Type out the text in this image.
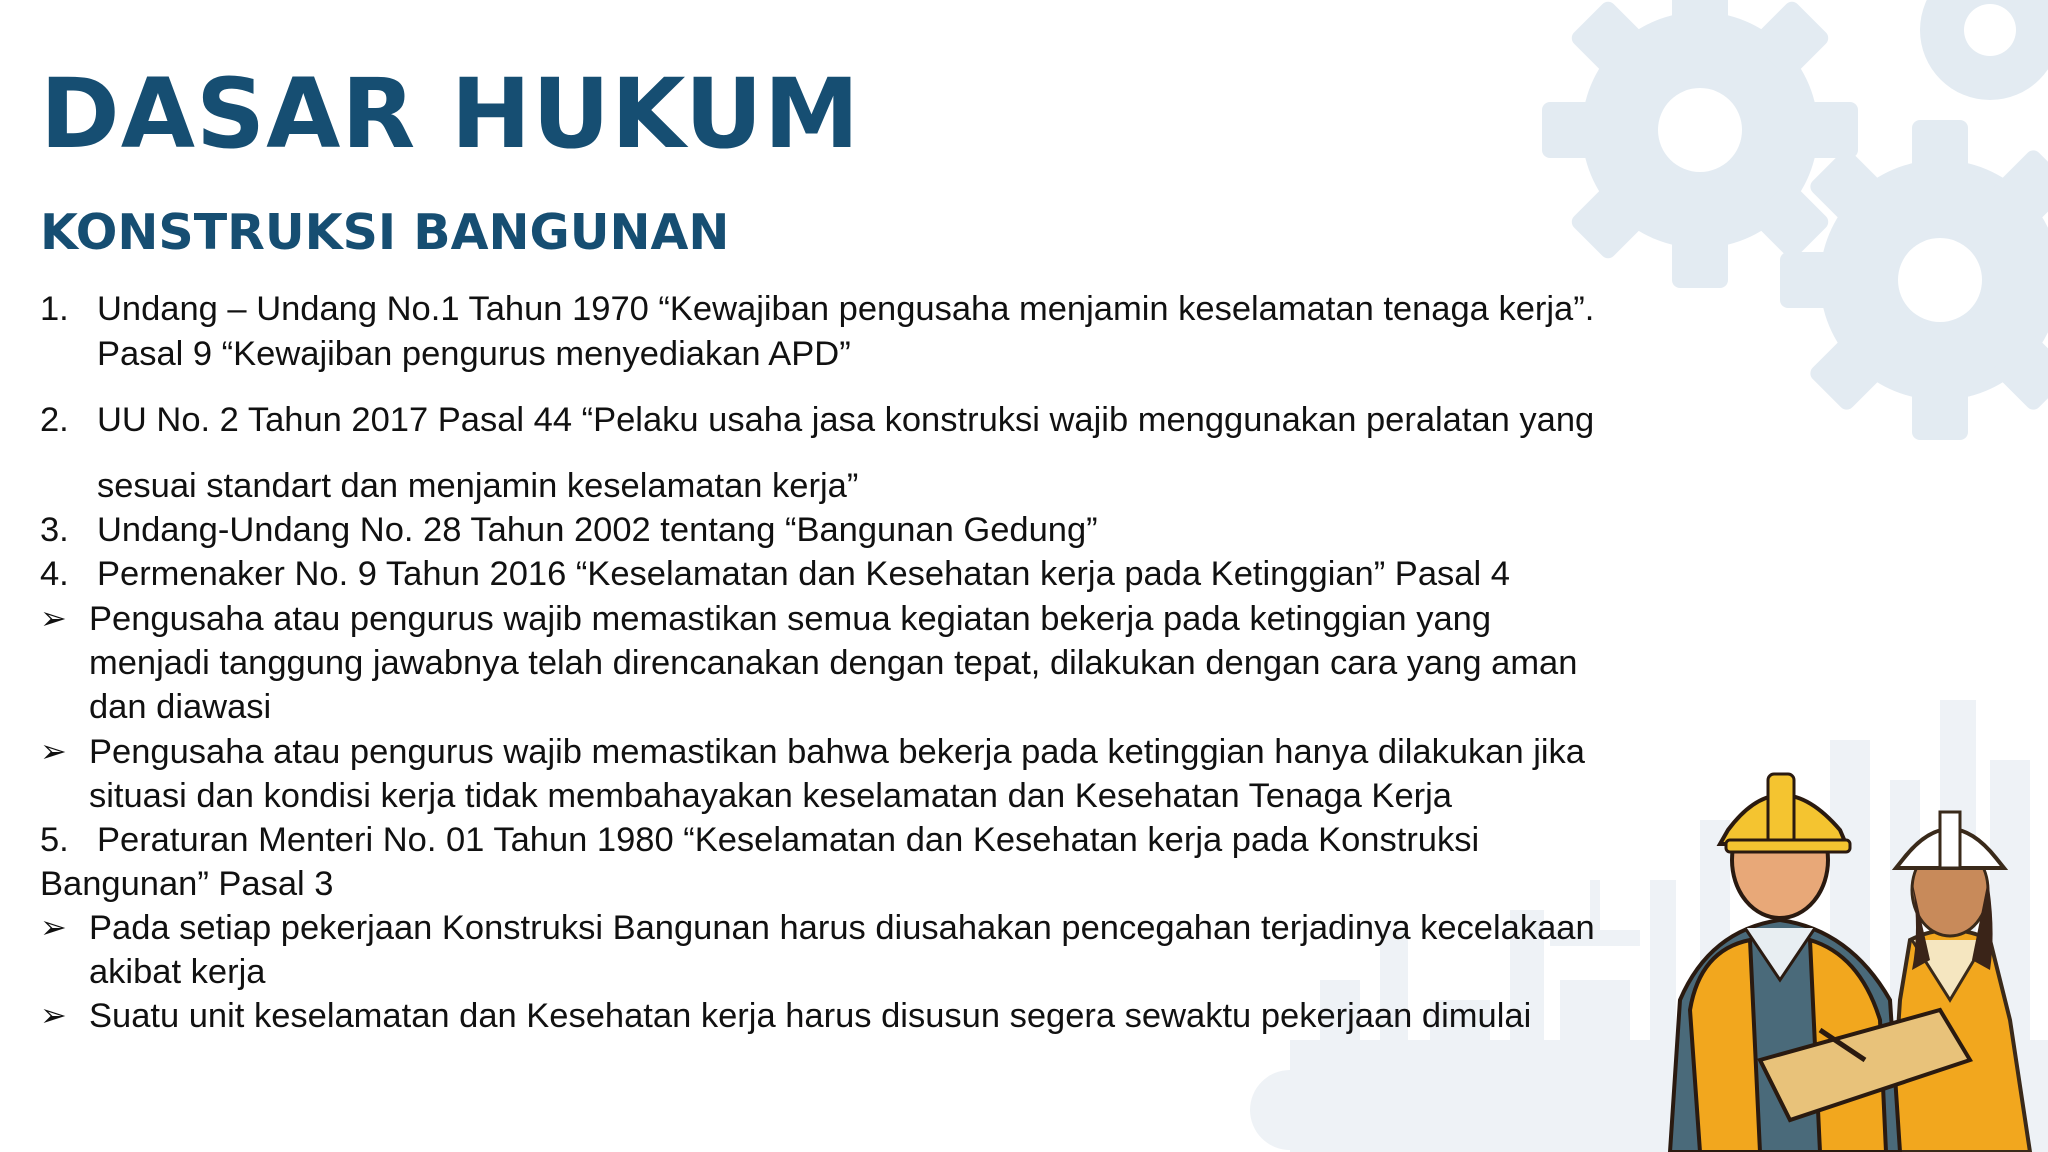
DASAR HUKUM
KONSTRUKSI BANGUNAN
1. Undang – Undang No.1 Tahun 1970 “Kewajiban pengusaha menjamin keselamatan tenaga kerja”.
Pasal 9 “Kewajiban pengurus menyediakan APD”
2. UU No. 2 Tahun 2017 Pasal 44 “Pelaku usaha jasa konstruksi wajib menggunakan peralatan yang
sesuai standart dan menjamin keselamatan kerja”
3. Undang-Undang No. 28 Tahun 2002 tentang “Bangunan Gedung”
4. Permenaker No. 9 Tahun 2016 “Keselamatan dan Kesehatan kerja pada Ketinggian” Pasal 4
➢ Pengusaha atau pengurus wajib memastikan semua kegiatan bekerja pada ketinggian yang
menjadi tanggung jawabnya telah direncanakan dengan tepat, dilakukan dengan cara yang aman
dan diawasi
➢ Pengusaha atau pengurus wajib memastikan bahwa bekerja pada ketinggian hanya dilakukan jika
situasi dan kondisi kerja tidak membahayakan keselamatan dan Kesehatan Tenaga Kerja
5. Peraturan Menteri No. 01 Tahun 1980 “Keselamatan dan Kesehatan kerja pada Konstruksi
Bangunan” Pasal 3
➢ Pada setiap pekerjaan Konstruksi Bangunan harus diusahakan pencegahan terjadinya kecelakaan
akibat kerja
➢ Suatu unit keselamatan dan Kesehatan kerja harus disusun segera sewaktu pekerjaan dimulai
